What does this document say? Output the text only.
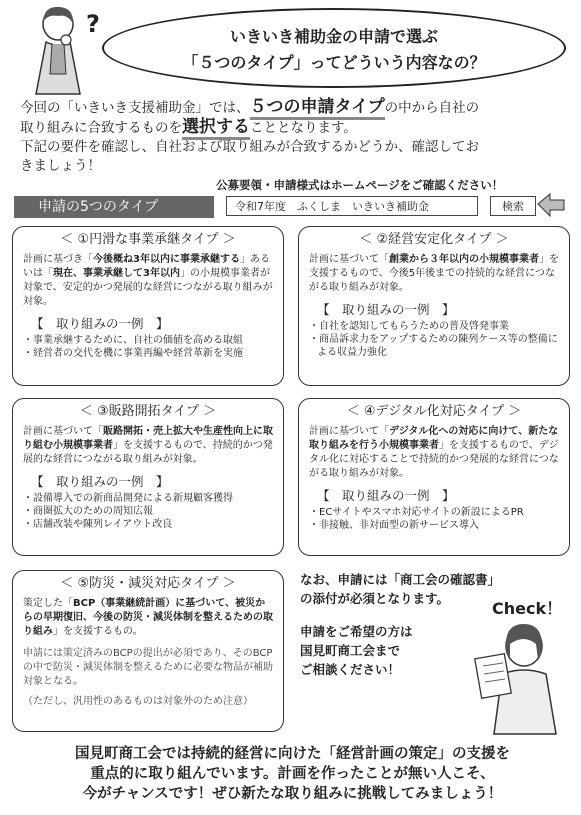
?	いきいき補助金の申請で選ぶ
「５つのタイプ」ってどういう内容なの？
今回の「いきいき支援補助金」では、５つの申請タイプの中から自社の
取り組みに合致するものを選択することとなります。
下記の要件を確認し、自社および取り組みが合致するかどうか、確認してお
きましょう！
公募要領・申請様式はホームページをご確認ください！
申請の5つのタイプ	令和7年度　ふくしま　いきいき補助金	検索
＜ ①円滑な事業承継タイプ ＞
計画に基づき「今後概ね3年以内に事業承継する」あるいは「現在、事業承継して3年以内」の小規模事業者が対象で、安定的かつ発展的な経営につながる取り組みが対象。
【　取り組みの一例　】
・事業承継するために、自社の価値を高める取組
・経営者の交代を機に事業再編や経営革新を実施
＜ ②経営安定化タイプ ＞
計画に基づいて「創業から３年以内の小規模事業者」を支援するもので、今後5年後までの持続的な経営につながる取り組みが対象。
【　取り組みの一例　】
・自社を認知してもらうための普及啓発事業
・商品訴求力をアップするための陳列ケース等の整備による収益力強化
＜ ③販路開拓タイプ ＞
計画に基づいて「販路開拓・売上拡大や生産性向上に取り組む小規模事業者」を支援するもので、持続的かつ発展的な経営につながる取り組みが対象。
【　取り組みの一例　】
・設備導入での新商品開発による新規顧客獲得
・商圏拡大のための周知広報
・店舗改装や陳列レイアウト改良
＜ ④デジタル化対応タイプ ＞
計画に基づいて「デジタル化への対応に向けて、新たな取り組みを行う小規模事業者」を支援するもので、デジタル化に対応することで持続的かつ発展的な経営につながる取り組みが対象。
【　取り組みの一例　】
・ECサイトやスマホ対応サイトの新設によるPR
・非接触、非対面型の新サービス導入
＜ ⑤防災・減災対応タイプ ＞
策定した「BCP（事業継続計画）に基づいて、被災からの早期復旧、今後の防災・減災体制を整えるための取り組み」を支援するもの。
申請には策定済みのBCPの提出が必須であり、そのBCPの中で防災・減災体制を整えるために必要な物品が補助対象となる。
（ただし、汎用性のあるものは対象外のため注意）
なお、申請には「商工会の確認書」
の添付が必須となります。
Check！
申請をご希望の方は
国見町商工会まで
ご相談ください！
国見町商工会では持続的経営に向けた「経営計画の策定」の支援を
重点的に取り組んでいます。計画を作ったことが無い人こそ、
今がチャンスです！ぜひ新たな取り組みに挑戦してみましょう！
